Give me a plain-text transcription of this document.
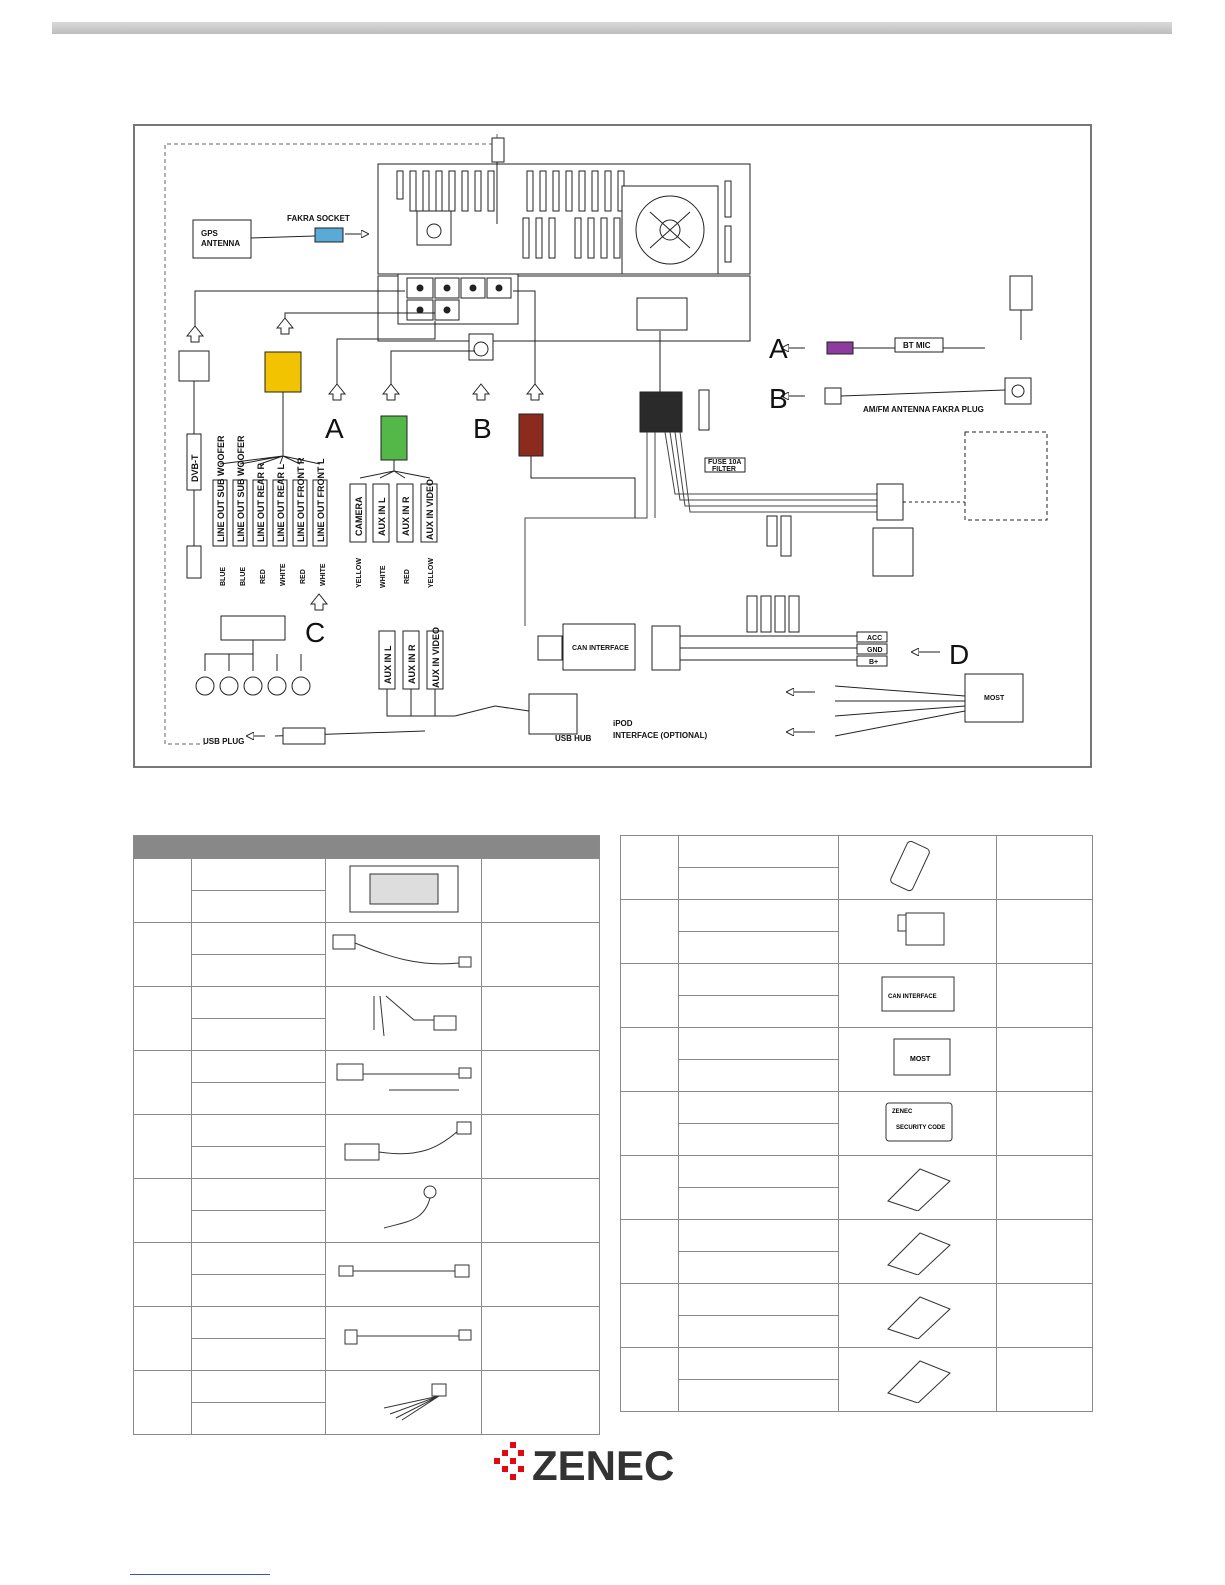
GPS
ANTENNA
FAKRA SOCKET
DVB-T LINE OUT SUB WOOFER LINE OUT SUB WOOFER LINE OUT REAR R LINE OUT REAR L LINE OUT FRONT R LINE OUT FRONT L
BLUE BLUE RED WHITE RED WHITE
CAMERA AUX IN L AUX IN R AUX IN VIDEO
YELLOW WHITE RED YELLOW
AUX IN L AUX IN R AUX IN VIDEO
USB HUB
iPOD
INTERFACE (OPTIONAL)
USB PLUG
FUSE 10A
FILTER
CAN INTERFACE
ACC
GND
B+
MOST
BT MIC
AM/FM ANTENNA FAKRA PLUG
A	B
C
A
B
D

CAN INTERFACE	

MOST	

ZENEC
SECURITY CODE	

ZENEC
